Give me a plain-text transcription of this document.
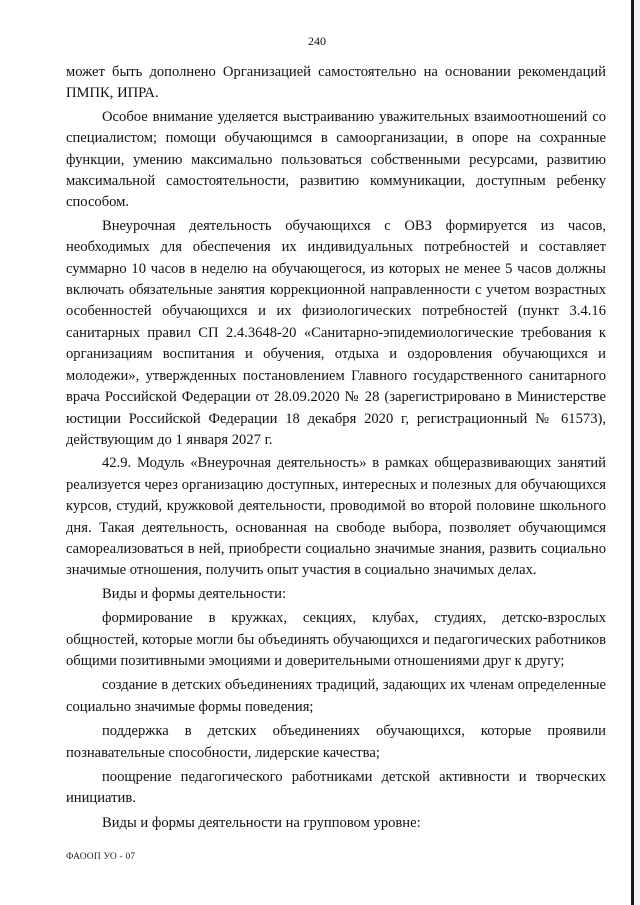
240

может быть дополнено Организацией самостоятельно на основании рекомендаций ПМПК, ИПРА.

Особое внимание уделяется выстраиванию уважительных взаимоотношений со специалистом; помощи обучающимся в самоорганизации, в опоре на сохранные функции, умению максимально пользоваться собственными ресурсами, развитию максимальной самостоятельности, развитию коммуникации, доступным ребенку способом.

Внеурочная деятельность обучающихся с ОВЗ формируется из часов, необходимых для обеспечения их индивидуальных потребностей и составляет суммарно 10 часов в неделю на обучающегося, из которых не менее 5 часов должны включать обязательные занятия коррекционной направленности с учетом возрастных особенностей обучающихся и их физиологических потребностей (пункт 3.4.16 санитарных правил СП 2.4.3648-20 «Санитарно-эпидемиологические требования к организациям воспитания и обучения, отдыха и оздоровления обучающихся и молодежи», утвержденных постановлением Главного государственного санитарного врача Российской Федерации от 28.09.2020 № 28 (зарегистрировано в Министерстве юстиции Российской Федерации 18 декабря 2020 г, регистрационный № 61573), действующим до 1 января 2027 г.

42.9. Модуль «Внеурочная деятельность» в рамках общеразвивающих занятий реализуется через организацию доступных, интересных и полезных для обучающихся курсов, студий, кружковой деятельности, проводимой во второй половине школьного дня. Такая деятельность, основанная на свободе выбора, позволяет обучающимся самореализоваться в ней, приобрести социально значимые знания, развить социально значимые отношения, получить опыт участия в социально значимых делах.

Виды и формы деятельности:

формирование в кружках, секциях, клубах, студиях, детско-взрослых общностей, которые могли бы объединять обучающихся и педагогических работников общими позитивными эмоциями и доверительными отношениями друг к другу;

создание в детских объединениях традиций, задающих их членам определенные социально значимые формы поведения;

поддержка в детских объединениях обучающихся, которые проявили познавательные способности, лидерские качества;

поощрение педагогического работниками детской активности и творческих инициатив.

Виды и формы деятельности на групповом уровне:

ФАООП УО - 07
